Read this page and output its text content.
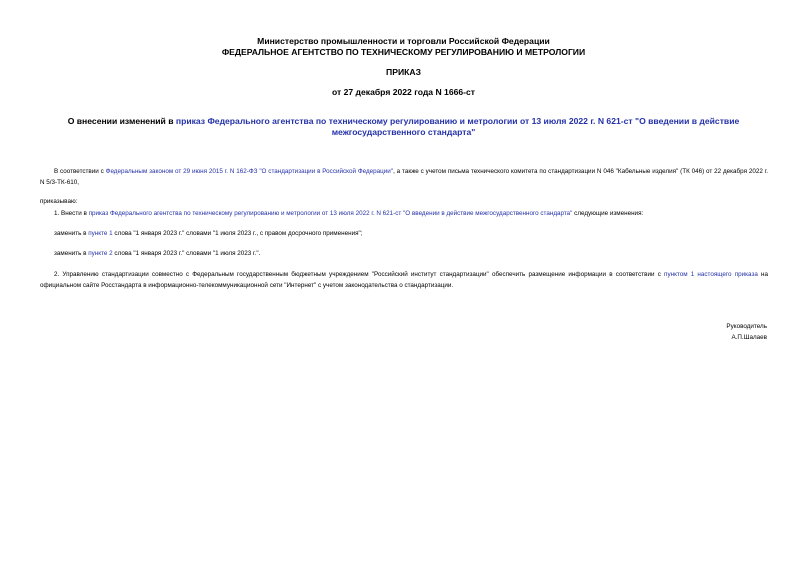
Министерство промышленности и торговли Российской Федерации
ФЕДЕРАЛЬНОЕ АГЕНТСТВО ПО ТЕХНИЧЕСКОМУ РЕГУЛИРОВАНИЮ И МЕТРОЛОГИИ
ПРИКАЗ
от 27 декабря 2022 года N 1666-ст
О внесении изменений в приказ Федерального агентства по техническому регулированию и метрологии от 13 июля 2022 г. N 621-ст "О введении в действие межгосударственного стандарта"
В соответствии с Федеральным законом от 29 июня 2015 г. N 162-ФЗ "О стандартизации в Российской Федерации", а также с учетом письма технического комитета по стандартизации N 046 "Кабельные изделия" (ТК 046) от 22 декабря 2022 г. N 5/3-ТК-610,
приказываю:
1. Внести в приказ Федерального агентства по техническому регулированию и метрологии от 13 июля 2022 г. N 621-ст "О введении в действие межгосударственного стандарта" следующие изменения:
заменить в пункте 1 слова "1 января 2023 г." словами "1 июля 2023 г., с правом досрочного применения";
заменить в пункте 2 слова "1 января 2023 г." словами "1 июля 2023 г.".
2. Управлению стандартизации совместно с Федеральным государственным бюджетным учреждением "Российский институт стандартизации" обеспечить размещение информации в соответствии с пунктом 1 настоящего приказа на официальном сайте Росстандарта в информационно-телекоммуникационной сети "Интернет" с учетом законодательства о стандартизации.
Руководитель
А.П.Шалаев
